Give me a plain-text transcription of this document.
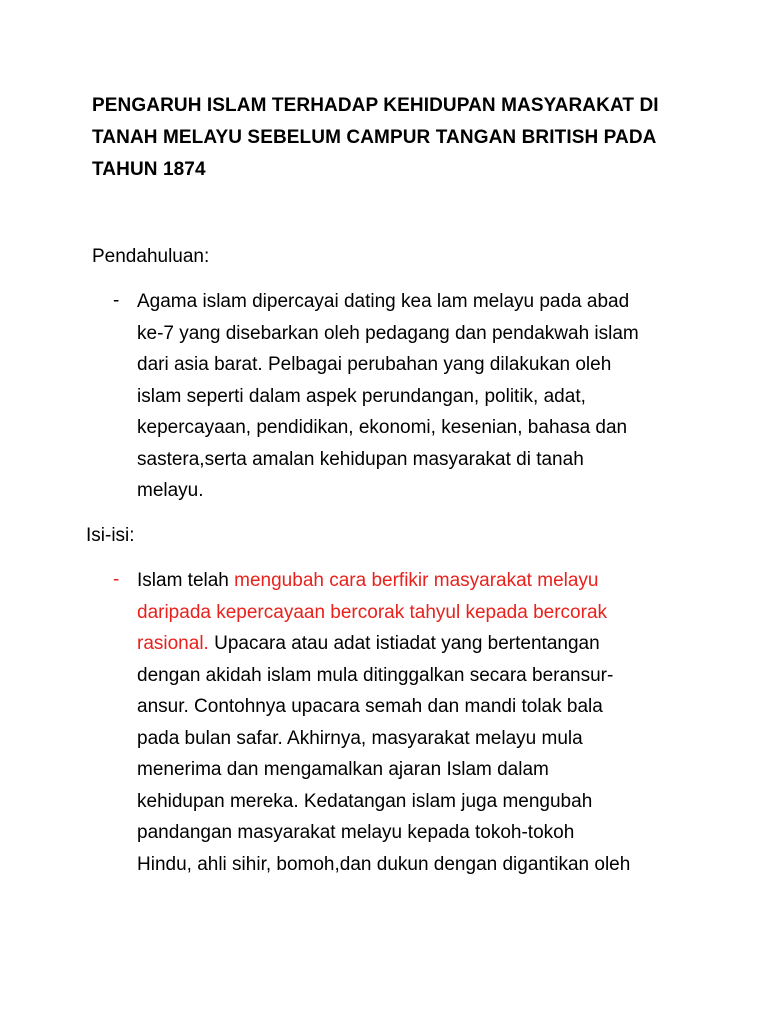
PENGARUH ISLAM TERHADAP KEHIDUPAN MASYARAKAT DI
TANAH MELAYU SEBELUM CAMPUR TANGAN BRITISH PADA
TAHUN 1874
Pendahuluan:
- Agama islam dipercayai dating kea lam melayu pada abad
ke-7 yang disebarkan oleh pedagang dan pendakwah islam
dari asia barat. Pelbagai perubahan yang dilakukan oleh
islam seperti dalam aspek perundangan, politik, adat,
kepercayaan, pendidikan, ekonomi, kesenian, bahasa dan
sastera,serta amalan kehidupan masyarakat di tanah
melayu.
Isi-isi:
- Islam telah mengubah cara berfikir masyarakat melayu
daripada kepercayaan bercorak tahyul kepada bercorak
rasional. Upacara atau adat istiadat yang bertentangan
dengan akidah islam mula ditinggalkan secara beransur-
ansur. Contohnya upacara semah dan mandi tolak bala
pada bulan safar. Akhirnya, masyarakat melayu mula
menerima dan mengamalkan ajaran Islam dalam
kehidupan mereka. Kedatangan islam juga mengubah
pandangan masyarakat melayu kepada tokoh-tokoh
Hindu, ahli sihir, bomoh,dan dukun dengan digantikan oleh
